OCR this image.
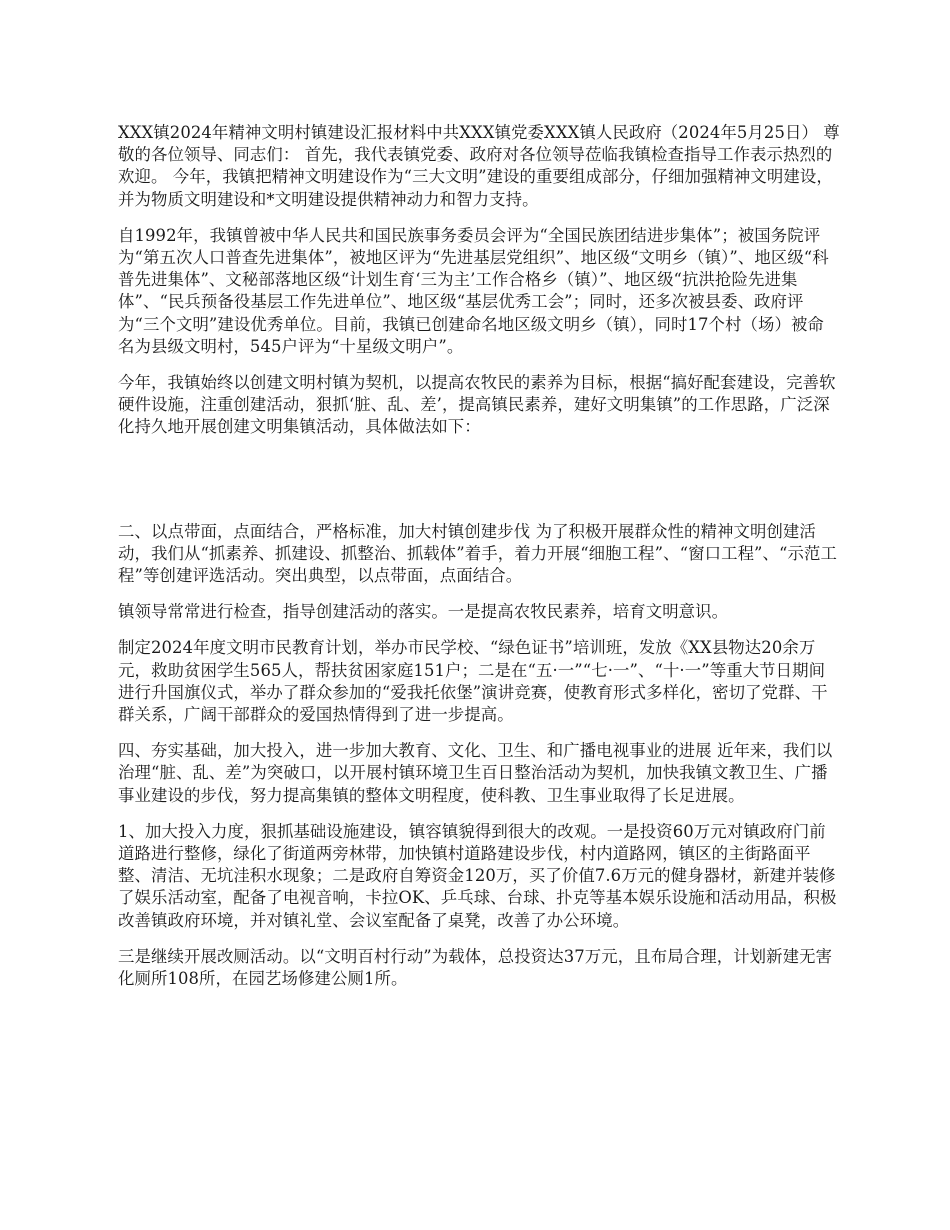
XXX镇2024年精神文明村镇建设汇报材料中共XXX镇党委XXX镇人民政府（2024年5月25日） 尊敬的各位领导、同志们： 首先，我代表镇党委、政府对各位领导莅临我镇检查指导工作表示热烈的欢迎。 今年，我镇把精神文明建设作为“三大文明”建设的重要组成部分，仔细加强精神文明建设，并为物质文明建设和*文明建设提供精神动力和智力支持。

自1992年，我镇曾被中华人民共和国民族事务委员会评为“全国民族团结进步集体”；被国务院评为“第五次人口普查先进集体”，被地区评为“先进基层党组织”、地区级“文明乡（镇）”、地区级“科普先进集体”、文秘部落地区级“计划生育‘三为主’工作合格乡（镇）”、地区级“抗洪抢险先进集体”、“民兵预备役基层工作先进单位”、地区级“基层优秀工会”；同时，还多次被县委、政府评为“三个文明”建设优秀单位。目前，我镇已创建命名地区级文明乡（镇），同时17个村（场）被命名为县级文明村，545户评为“十星级文明户”。

今年，我镇始终以创建文明村镇为契机，以提高农牧民的素养为目标，根据“搞好配套建设，完善软硬件设施，注重创建活动，狠抓‘脏、乱、差’，提高镇民素养，建好文明集镇”的工作思路，广泛深化持久地开展创建文明集镇活动，具体做法如下：

二、以点带面，点面结合，严格标准，加大村镇创建步伐 为了积极开展群众性的精神文明创建活动，我们从“抓素养、抓建设、抓整治、抓载体”着手，着力开展“细胞工程”、“窗口工程”、“示范工程”等创建评选活动。突出典型，以点带面，点面结合。

镇领导常常进行检查，指导创建活动的落实。一是提高农牧民素养，培育文明意识。

制定2024年度文明市民教育计划，举办市民学校、“绿色证书”培训班，发放《XX县物达20余万元，救助贫困学生565人，帮扶贫困家庭151户；二是在“五·一”“七·一”、“十·一”等重大节日期间进行升国旗仪式，举办了群众参加的“爱我托依堡”演讲竞赛，使教育形式多样化，密切了党群、干群关系，广阔干部群众的爱国热情得到了进一步提高。

四、夯实基础，加大投入，进一步加大教育、文化、卫生、和广播电视事业的进展 近年来，我们以治理“脏、乱、差”为突破口，以开展村镇环境卫生百日整治活动为契机，加快我镇文教卫生、广播事业建设的步伐，努力提高集镇的整体文明程度，使科教、卫生事业取得了长足进展。

1、加大投入力度，狠抓基础设施建设，镇容镇貌得到很大的改观。一是投资60万元对镇政府门前道路进行整修，绿化了街道两旁林带，加快镇村道路建设步伐，村内道路网，镇区的主街路面平整、清洁、无坑洼积水现象；二是政府自筹资金120万，买了价值7.6万元的健身器材，新建并装修了娱乐活动室，配备了电视音响，卡拉OK、乒乓球、台球、扑克等基本娱乐设施和活动用品，积极改善镇政府环境，并对镇礼堂、会议室配备了桌凳，改善了办公环境。

三是继续开展改厕活动。以“文明百村行动”为载体，总投资达37万元，且布局合理，计划新建无害化厕所108所，在园艺场修建公厕1所。
